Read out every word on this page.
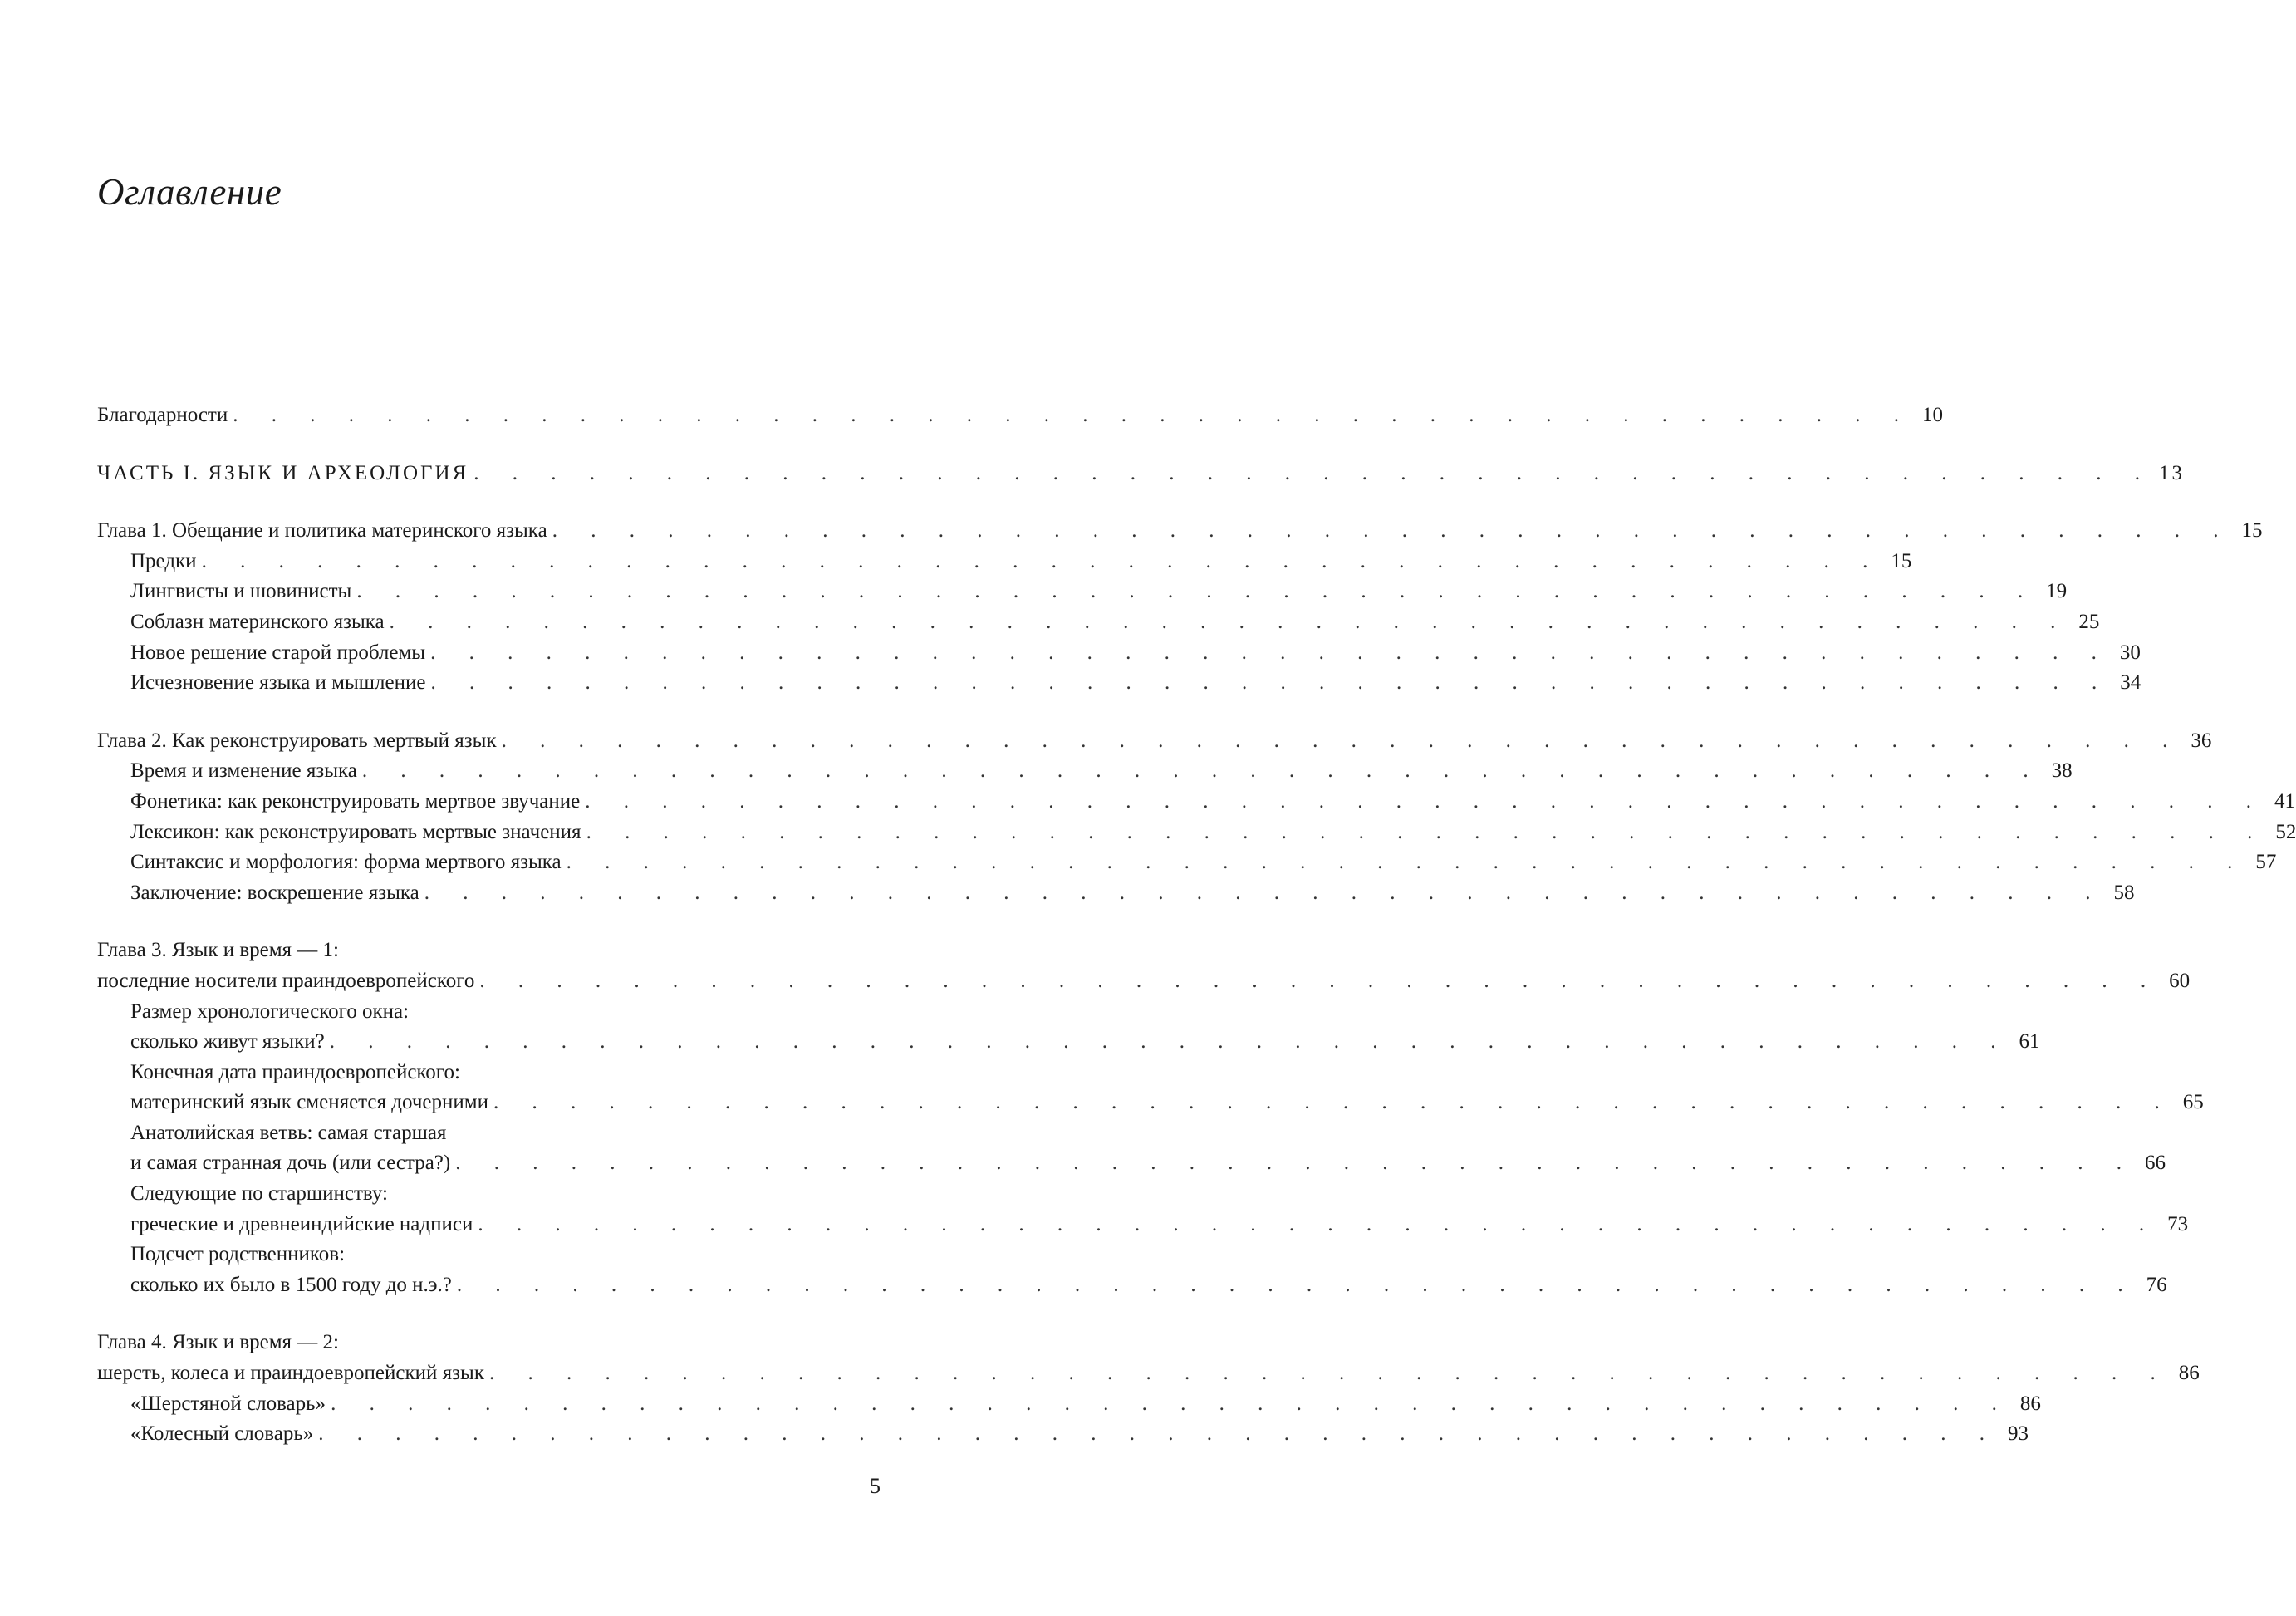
Оглавление
Благодарности . . . . . . . . . . . . . . . . . . . . . . . . . . . . . . . . . . . . . . . . . . . . 10
ЧАСТЬ I. ЯЗЫК И АРХЕОЛОГИЯ . . . . . . . . . . . . . . . . . . . . . . . . . . . . . . . . . . . . . . . . . . . . 13
Глава 1. Обещание и политика материнского языка . . . . . . . . . . . . . . . . . . . . . . . . . . . . . . . . . . . . . . . . . . . . 15
Предки . . . . . . . . . . . . . . . . . . . . . . . . . . . . . . . . . . . . . . . . . . . . 15
Лингвисты и шовинисты . . . . . . . . . . . . . . . . . . . . . . . . . . . . . . . . . . . . . . . . . . . . 19
Соблазн материнского языка . . . . . . . . . . . . . . . . . . . . . . . . . . . . . . . . . . . . . . . . . . . . 25
Новое решение старой проблемы . . . . . . . . . . . . . . . . . . . . . . . . . . . . . . . . . . . . . . . . . . . . 30
Исчезновение языка и мышление . . . . . . . . . . . . . . . . . . . . . . . . . . . . . . . . . . . . . . . . . . . . 34
Глава 2. Как реконструировать мертвый язык . . . . . . . . . . . . . . . . . . . . . . . . . . . . . . . . . . . . . . . . . . . . 36
Время и изменение языка . . . . . . . . . . . . . . . . . . . . . . . . . . . . . . . . . . . . . . . . . . . . 38
Фонетика: как реконструировать мертвое звучание . . . . . . . . . . . . . . . . . . . . . . . . . . . . . . . . . . . . . . . . . . . . 41
Лексикон: как реконструировать мертвые значения . . . . . . . . . . . . . . . . . . . . . . . . . . . . . . . . . . . . . . . . . . . . 52
Синтаксис и морфология: форма мертвого языка . . . . . . . . . . . . . . . . . . . . . . . . . . . . . . . . . . . . . . . . . . . . 57
Заключение: воскрешение языка . . . . . . . . . . . . . . . . . . . . . . . . . . . . . . . . . . . . . . . . . . . . 58
Глава 3. Язык и время — 1:
последние носители праиндоевропейского . . . . . . . . . . . . . . . . . . . . . . . . . . . . . . . . . . . . . . . . . . . . 60
Размер хронологического окна:
сколько живут языки? . . . . . . . . . . . . . . . . . . . . . . . . . . . . . . . . . . . . . . . . . . . . 61
Конечная дата праиндоевропейского:
материнский язык сменяется дочерними . . . . . . . . . . . . . . . . . . . . . . . . . . . . . . . . . . . . . . . . . . . . 65
Анатолийская ветвь: самая старшая
и самая странная дочь (или сестра?) . . . . . . . . . . . . . . . . . . . . . . . . . . . . . . . . . . . . . . . . . . . . 66
Следующие по старшинству:
греческие и древнеиндийские надписи . . . . . . . . . . . . . . . . . . . . . . . . . . . . . . . . . . . . . . . . . . . . 73
Подсчет родственников:
сколько их было в 1500 году до н.э.? . . . . . . . . . . . . . . . . . . . . . . . . . . . . . . . . . . . . . . . . . . . . 76
Глава 4. Язык и время — 2:
шерсть, колеса и праиндоевропейский язык . . . . . . . . . . . . . . . . . . . . . . . . . . . . . . . . . . . . . . . . . . . . 86
«Шерстяной словарь» . . . . . . . . . . . . . . . . . . . . . . . . . . . . . . . . . . . . . . . . . . . . 86
«Колесный словарь» . . . . . . . . . . . . . . . . . . . . . . . . . . . . . . . . . . . . . . . . . . . . 93
5
